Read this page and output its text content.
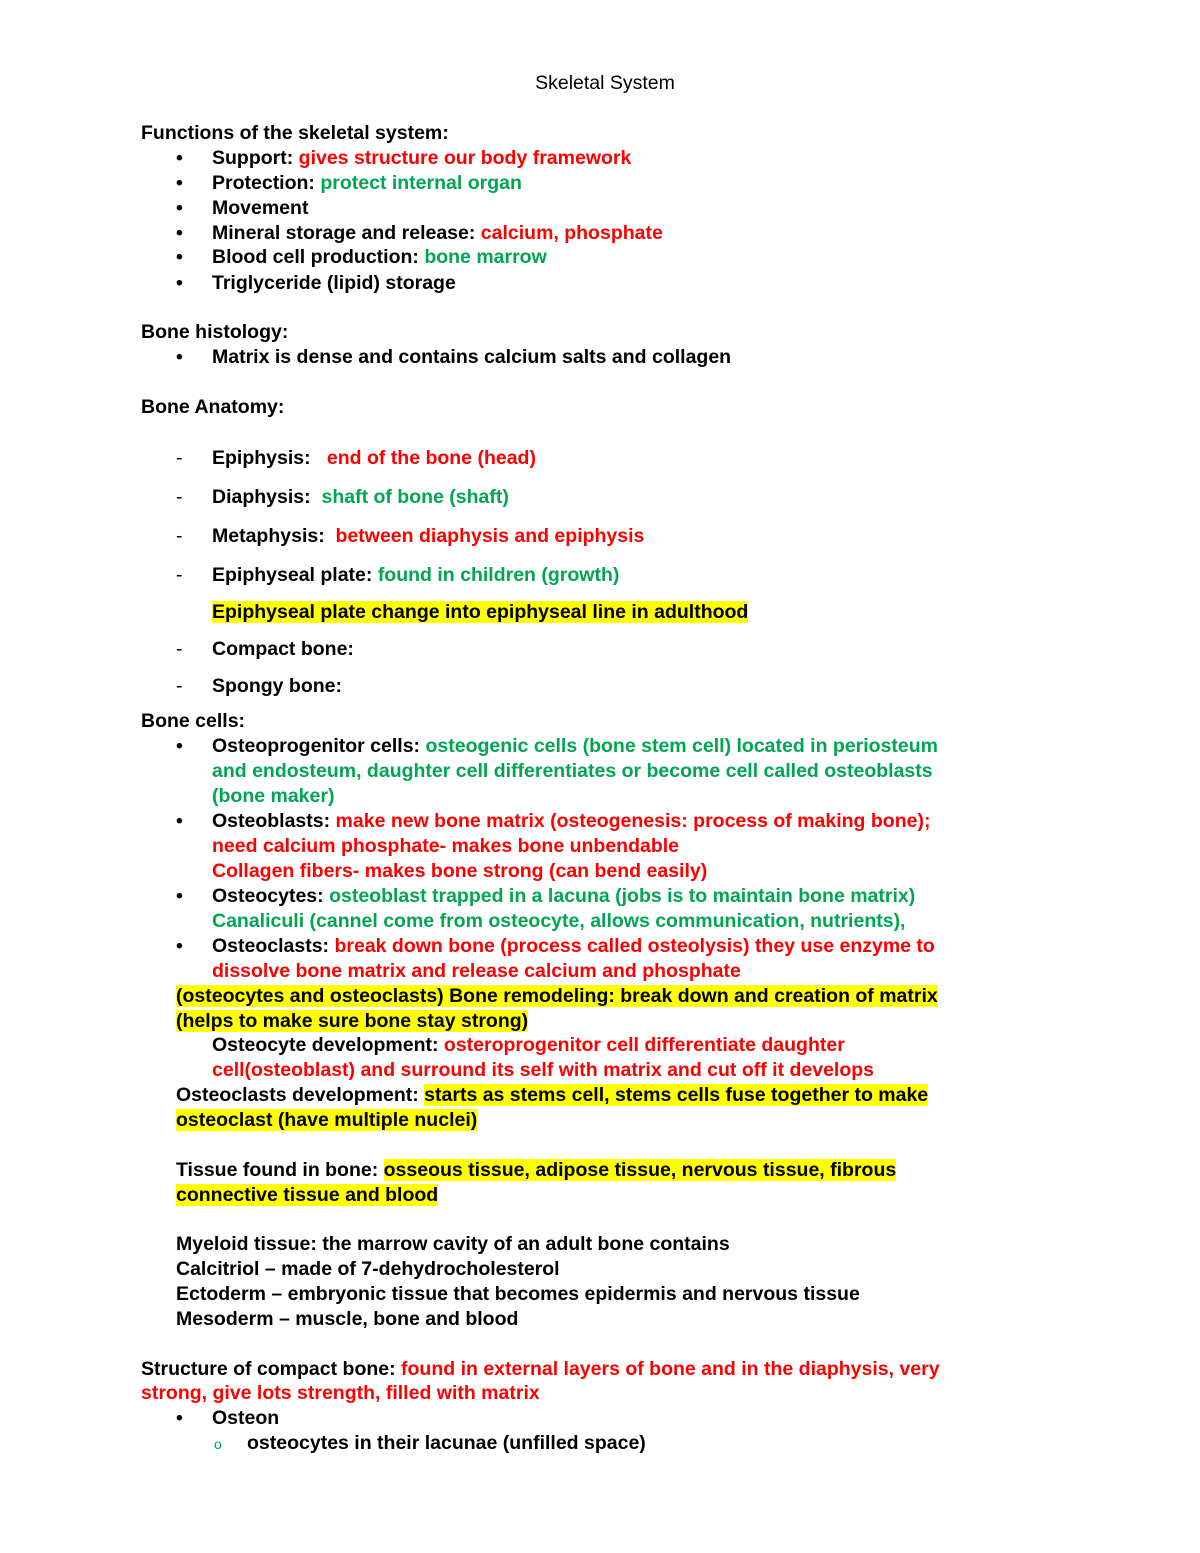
Skeletal System
Functions of the skeletal system:
• Support: gives structure our body framework
• Protection: protect internal organ
• Movement
• Mineral storage and release: calcium, phosphate
• Blood cell production: bone marrow
• Triglyceride (lipid) storage
Bone histology:
• Matrix is dense and contains calcium salts and collagen
Bone Anatomy:
- Epiphysis: end of the bone (head)
- Diaphysis: shaft of bone (shaft)
- Metaphysis: between diaphysis and epiphysis
- Epiphyseal plate: found in children (growth)
Epiphyseal plate change into epiphyseal line in adulthood
- Compact bone:
- Spongy bone:
Bone cells:
• Osteoprogenitor cells: osteogenic cells (bone stem cell) located in periosteum
and endosteum, daughter cell differentiates or become cell called osteoblasts
(bone maker)
• Osteoblasts: make new bone matrix (osteogenesis: process of making bone);
need calcium phosphate- makes bone unbendable
Collagen fibers- makes bone strong (can bend easily)
• Osteocytes: osteoblast trapped in a lacuna (jobs is to maintain bone matrix)
Canaliculi (cannel come from osteocyte, allows communication, nutrients),
• Osteoclasts: break down bone (process called osteolysis) they use enzyme to
dissolve bone matrix and release calcium and phosphate
(osteocytes and osteoclasts) Bone remodeling: break down and creation of matrix
(helps to make sure bone stay strong)
Osteocyte development: osteroprogenitor cell differentiate daughter
cell(osteoblast) and surround its self with matrix and cut off it develops
Osteoclasts development: starts as stems cell, stems cells fuse together to make
osteoclast (have multiple nuclei)
Tissue found in bone: osseous tissue, adipose tissue, nervous tissue, fibrous
connective tissue and blood
Myeloid tissue: the marrow cavity of an adult bone contains
Calcitriol – made of 7-dehydrocholesterol
Ectoderm – embryonic tissue that becomes epidermis and nervous tissue
Mesoderm – muscle, bone and blood
Structure of compact bone: found in external layers of bone and in the diaphysis, very
strong, give lots strength, filled with matrix
• Osteon
o osteocytes in their lacunae (unfilled space)
